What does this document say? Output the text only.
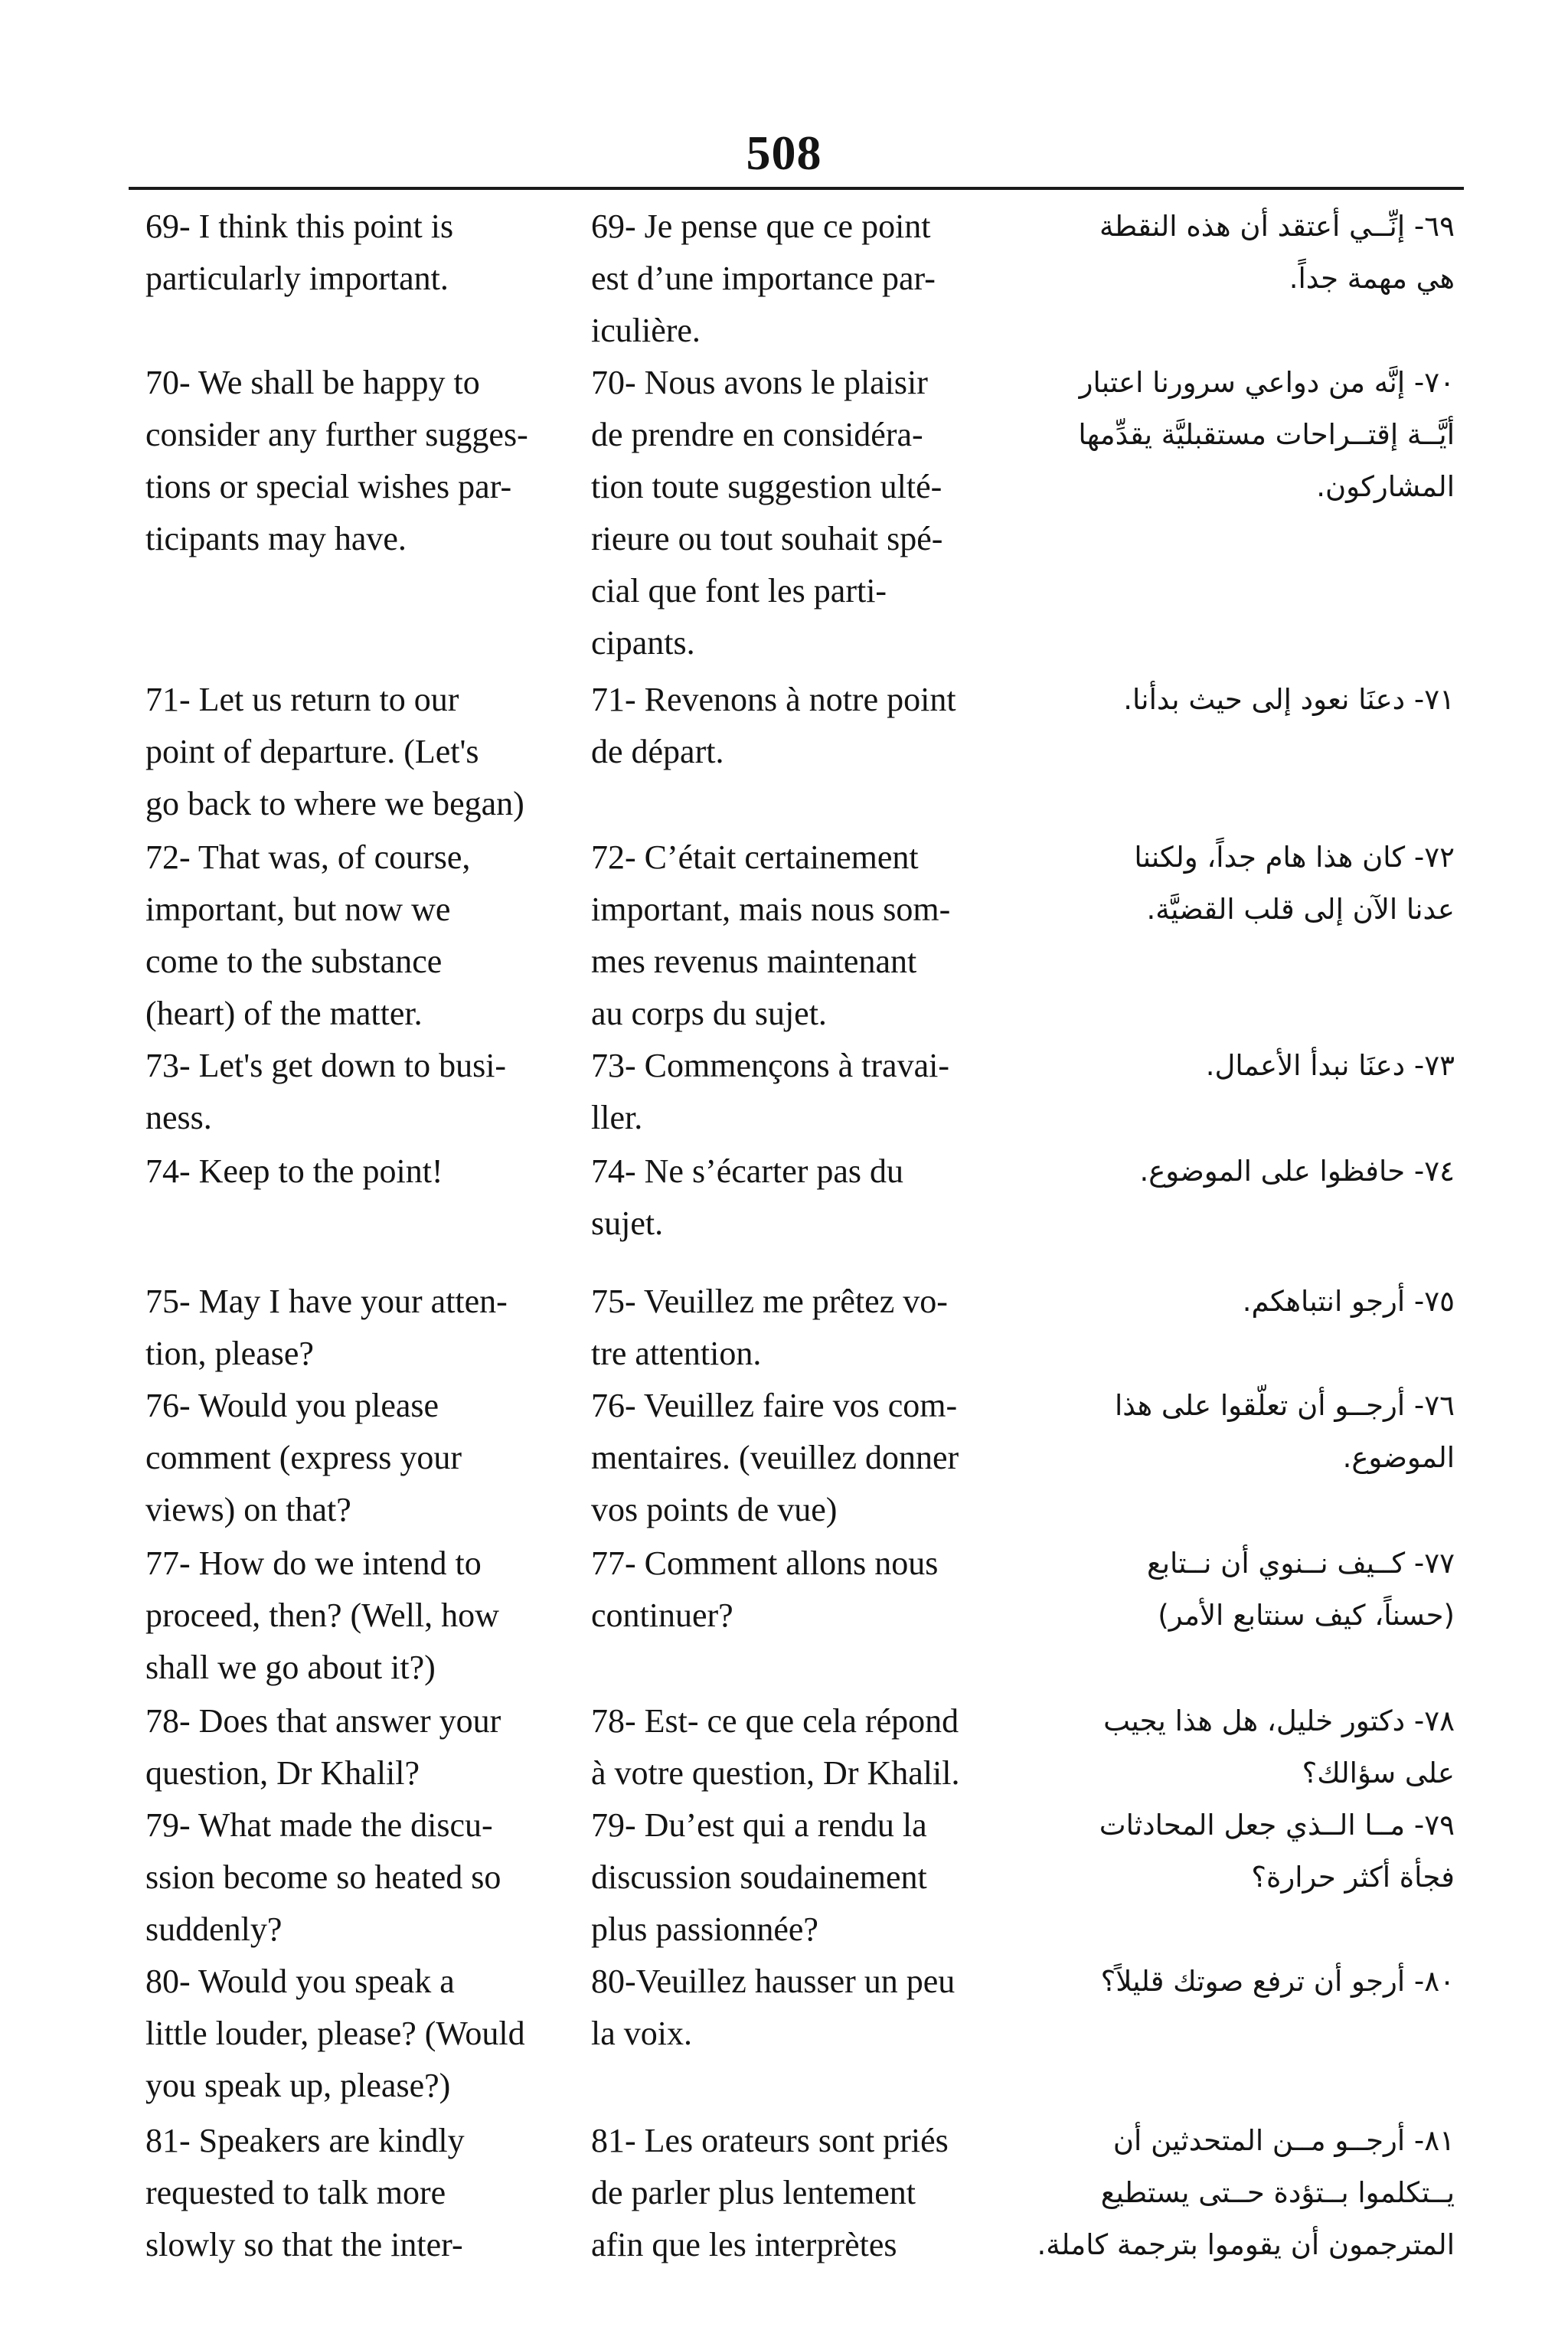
508
69- I think this point is
particularly important.
69- Je pense que ce point
est d’une importance par-
iculière.
٦٩- إنِّــي أعتقد أن هذه النقطة
هي مهمة جداً.
70- We shall be happy to
consider any further sugges-
tions or special wishes par-
ticipants may have.
70- Nous avons le plaisir
de prendre en considéra-
tion toute suggestion ulté-
rieure ou tout souhait spé-
cial que font les parti-
cipants.
٧٠- إنَّه من دواعي سرورنا اعتبار
أيَّــة إقتــراحات مستقبليَّة يقدِّمها
المشاركون.
71- Let us return to our
point of departure. (Let's
go back to where we began)
71- Revenons à notre point
de départ.
٧١- دعنَا نعود إلى حيث بدأنا.
72- That was, of course,
important, but now we
come to the substance
(heart) of the matter.
72- C’était certainement
important, mais nous som-
mes revenus maintenant
au corps du sujet.
٧٢- كان هذا هام جداً، ولكننا
عدنا الآن إلى قلب القضيَّة.
73- Let's get down to busi-
ness.
73- Commençons à travai-
ller.
٧٣- دعنَا نبدأ الأعمال.
74- Keep to the point!	74- Ne s’écarter pas du
sujet.
٧٤- حافظوا على الموضوع.
75- May I have your atten-
tion, please?
75- Veuillez me prêtez vo-
tre attention.
٧٥- أرجو انتباهكم.
76- Would you please
comment (express your
views) on that?
76- Veuillez faire vos com-
mentaires. (veuillez donner
vos points de vue)
٧٦- أرجــو أن تعلّقوا على هذا
الموضوع.
77- How do we intend to
proceed, then? (Well, how
shall we go about it?)
77- Comment allons nous
continuer?
٧٧- كــيف نــنوي أن نــتابع
(حسناً، كيف سنتابع الأمر)
78- Does that answer your
question, Dr Khalil?
78- Est- ce que cela répond
à votre question, Dr Khalil.
٧٨- دكتور خليل، هل هذا يجيب
على سؤالك؟
79- What made the discu-
ssion become so heated so
suddenly?
79- Du’est qui a rendu la
discussion soudainement
plus passionnée?
٧٩- مــا الــذي جعل المحادثات
فجأة أكثر حرارة؟
80- Would you speak a
little louder, please? (Would
you speak up, please?)
80-Veuillez hausser un peu
la voix.
٨٠- أرجو أن ترفع صوتك قليلاً؟
81- Speakers are kindly
requested to talk more
slowly so that the inter-
81- Les orateurs sont priés
de parler plus lentement
afin que les interprètes
٨١- أرجــو مــن المتحدثين أن
يــتكلموا بــتؤدة حــتى يستطيع
المترجمون أن يقوموا بترجمة كاملة.
